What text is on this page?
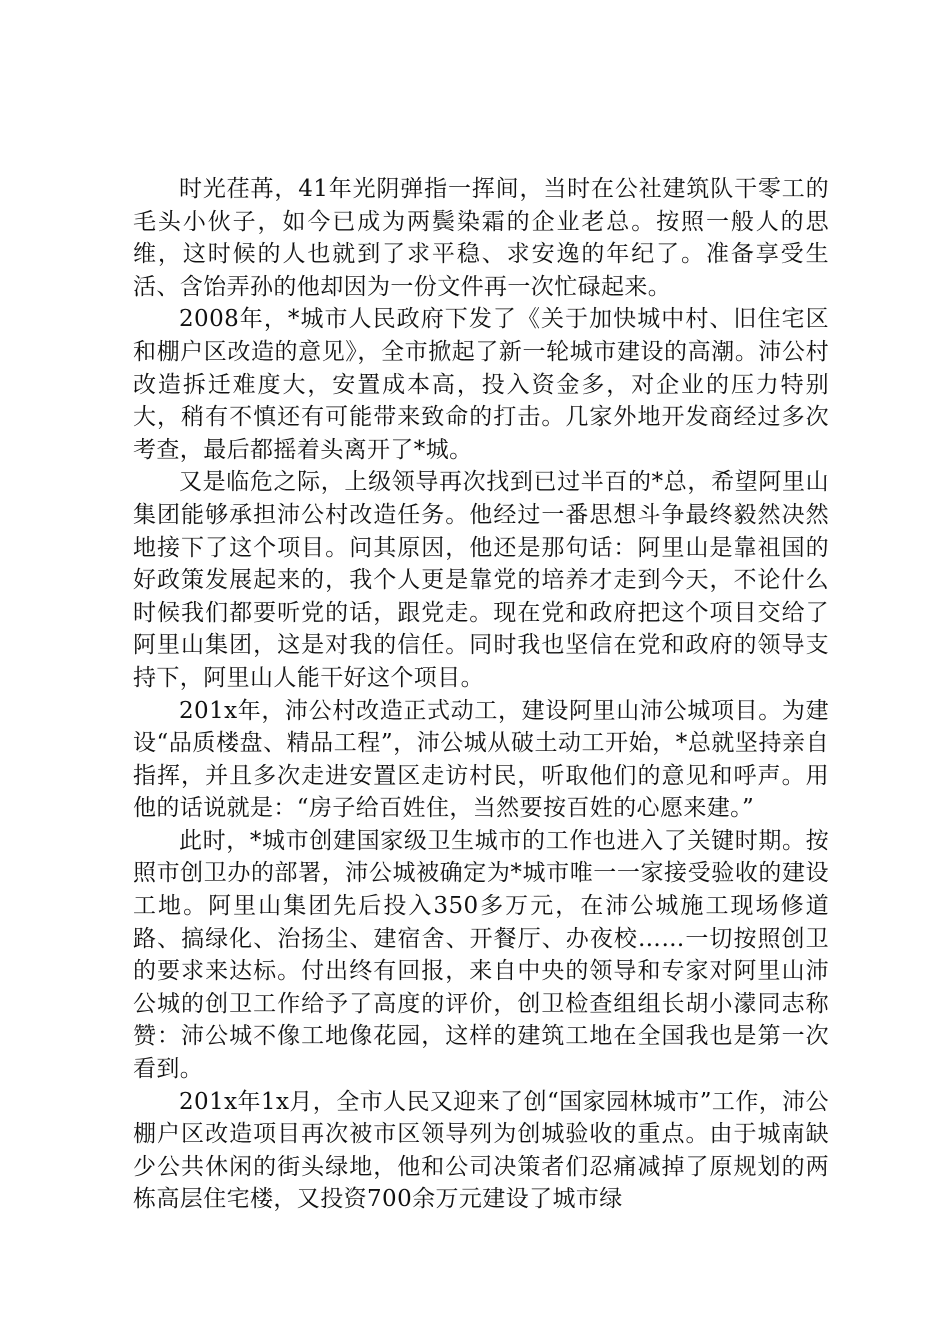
时光荏苒，41年光阴弹指一挥间，当时在公社建筑队干零工的毛头小伙子，如今已成为两鬓染霜的企业老总。按照一般人的思维，这时候的人也就到了求平稳、求安逸的年纪了。准备享受生活、含饴弄孙的他却因为一份文件再一次忙碌起来。

2008年，*城市人民政府下发了《关于加快城中村、旧住宅区和棚户区改造的意见》，全市掀起了新一轮城市建设的高潮。沛公村改造拆迁难度大，安置成本高，投入资金多，对企业的压力特别大，稍有不慎还有可能带来致命的打击。几家外地开发商经过多次考查，最后都摇着头离开了*城。

又是临危之际，上级领导再次找到已过半百的*总，希望阿里山集团能够承担沛公村改造任务。他经过一番思想斗争最终毅然决然地接下了这个项目。问其原因，他还是那句话：阿里山是靠祖国的好政策发展起来的，我个人更是靠党的培养才走到今天，不论什么时候我们都要听党的话，跟党走。现在党和政府把这个项目交给了阿里山集团，这是对我的信任。同时我也坚信在党和政府的领导支持下，阿里山人能干好这个项目。

201x年，沛公村改造正式动工，建设阿里山沛公城项目。为建设“品质楼盘、精品工程”，沛公城从破土动工开始，*总就坚持亲自指挥，并且多次走进安置区走访村民，听取他们的意见和呼声。用他的话说就是：“房子给百姓住，当然要按百姓的心愿来建。”

此时，*城市创建国家级卫生城市的工作也进入了关键时期。按照市创卫办的部署，沛公城被确定为*城市唯一一家接受验收的建设工地。阿里山集团先后投入350多万元，在沛公城施工现场修道路、搞绿化、治扬尘、建宿舍、开餐厅、办夜校……一切按照创卫的要求来达标。付出终有回报，来自中央的领导和专家对阿里山沛公城的创卫工作给予了高度的评价，创卫检查组组长胡小濛同志称赞：沛公城不像工地像花园，这样的建筑工地在全国我也是第一次看到。

201x年1x月，全市人民又迎来了创“国家园林城市”工作，沛公棚户区改造项目再次被市区领导列为创城验收的重点。由于城南缺少公共休闲的街头绿地，他和公司决策者们忍痛减掉了原规划的两栋高层住宅楼，又投资700余万元建设了城市绿
